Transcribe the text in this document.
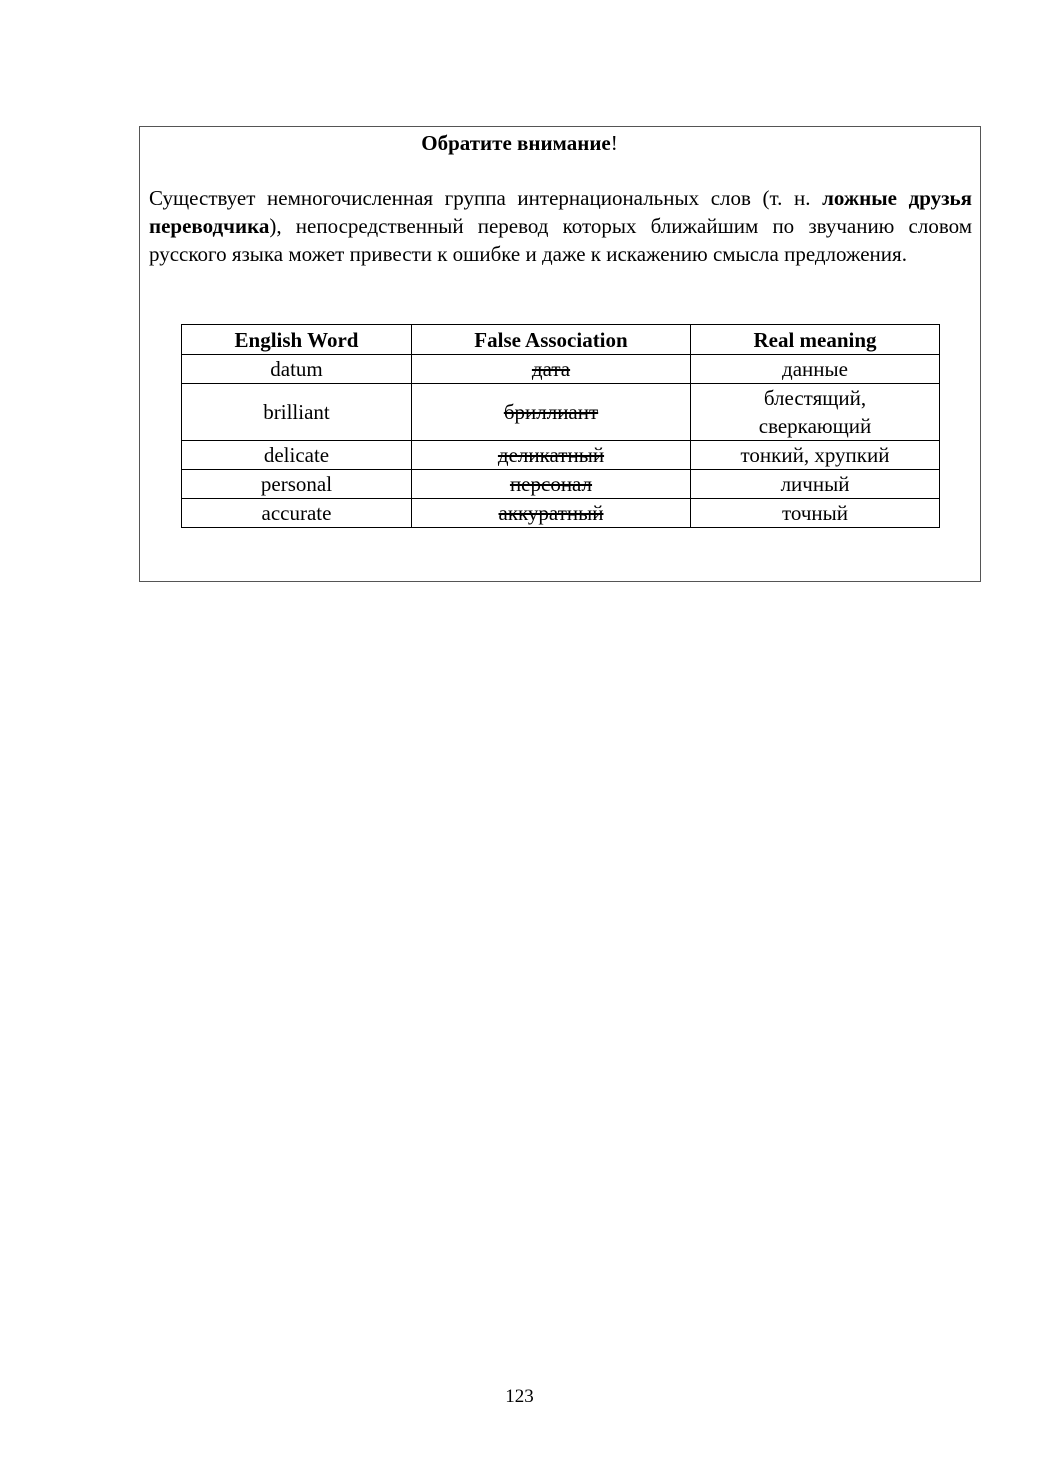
Обратите внимание!

Существует немногочисленная группа интернациональных слов (т. н. ложные друзья переводчика), непосредственный перевод которых ближайшим по звучанию словом русского языка может привести к ошибке и даже к искажению смысла предложения.

English Word	False Association	Real meaning
datum	дата	данные
brilliant	бриллиант	блестящий,
сверкающий
delicate	деликатный	тонкий, хрупкий
personal	персонал	личный
accurate	аккуратный	точный
123
